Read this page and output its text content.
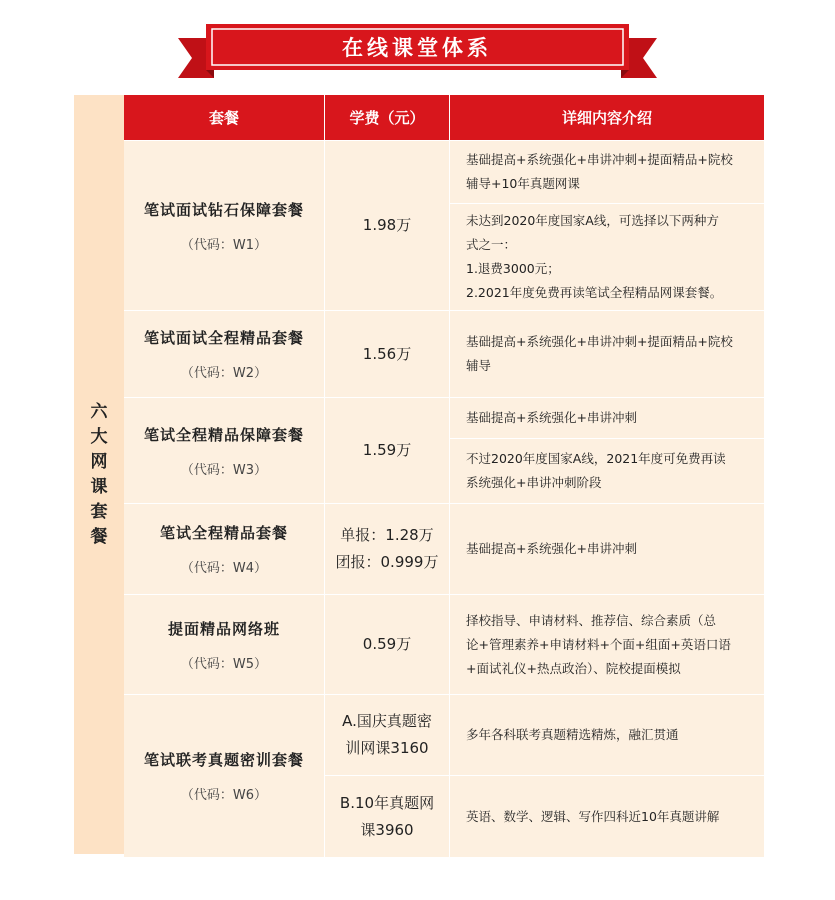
在线课堂体系
六
大
网
课
套
餐
套餐	学费（元）	详细内容介绍
笔试面试钻石保障套餐
（代码：W1）
1.98万
基础提高+系统强化+串讲冲刺+提面精品+院校
辅导+10年真题网课
未达到2020年度国家A线，可选择以下两种方
式之一：
1.退费3000元；
2.2021年度免费再读笔试全程精品网课套餐。
笔试面试全程精品套餐
（代码：W2）
1.56万
基础提高+系统强化+串讲冲刺+提面精品+院校
辅导
笔试全程精品保障套餐
（代码：W3）
1.59万
基础提高+系统强化+串讲冲刺
不过2020年度国家A线，2021年度可免费再读
系统强化+串讲冲刺阶段
笔试全程精品套餐
（代码：W4）
单报：1.28万
团报：0.999万
基础提高+系统强化+串讲冲刺
提面精品网络班
（代码：W5）
0.59万
择校指导、申请材料、推荐信、综合素质（总
论+管理素养+申请材料+个面+组面+英语口语
+面试礼仪+热点政治）、院校提面模拟
笔试联考真题密训套餐
（代码：W6）
A.国庆真题密
训网课3160
多年各科联考真题精选精炼，融汇贯通
B.10年真题网
课3960
英语、数学、逻辑、写作四科近10年真题讲解
